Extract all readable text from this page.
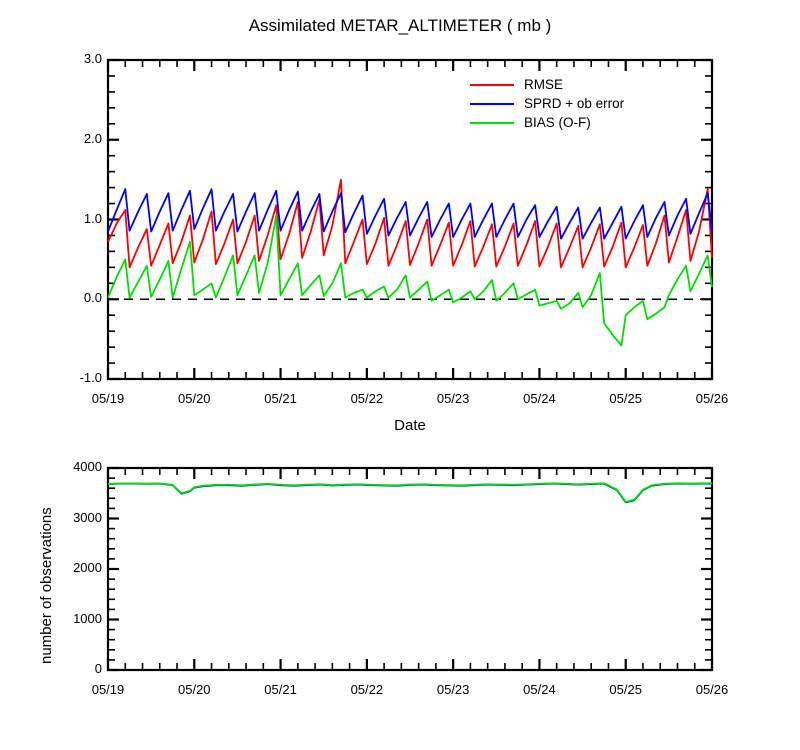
Assimilated METAR_ALTIMETER ( mb )
-1.0
0.0
1.0
2.0
3.0
05/19	05/20	05/21	05/22	05/23	05/24	05/25	05/26
RMSE
SPRD + ob error
BIAS (O-F)
Date
0
1000
2000
3000
4000
05/19	05/20	05/21	05/22	05/23	05/24	05/25	05/26
number of observations
